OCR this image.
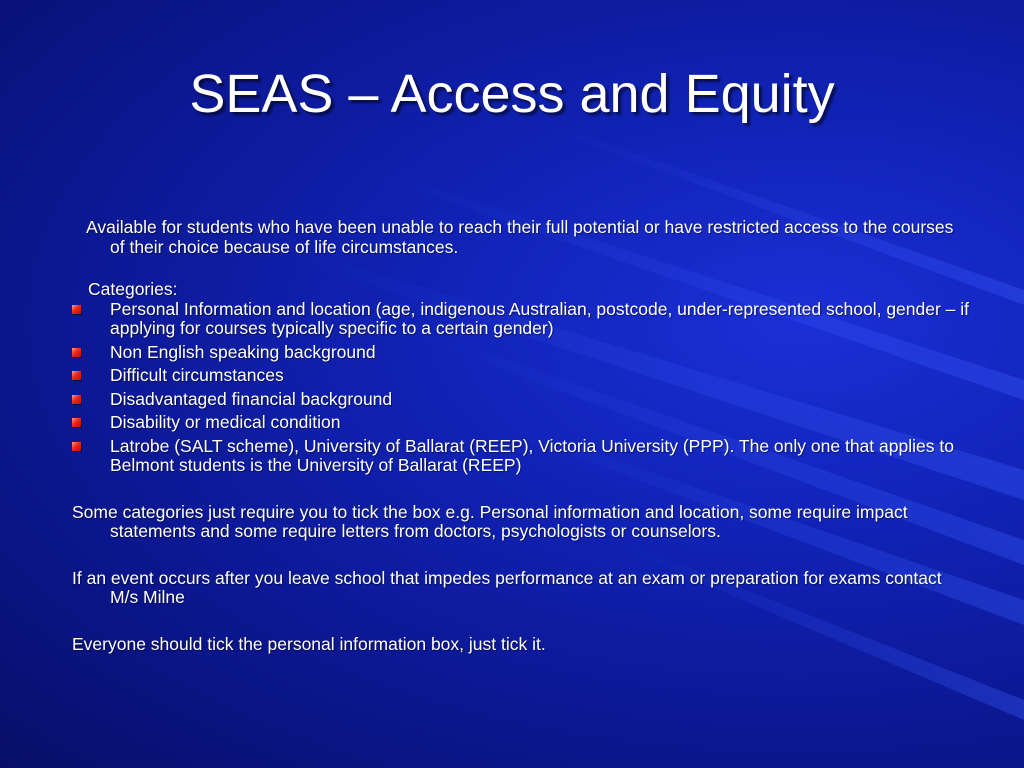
SEAS – Access and Equity

Available for students who have been unable to reach their full potential or have restricted access to the courses of their choice because of life circumstances.

Categories:
Personal Information and location (age, indigenous Australian, postcode, under-represented school, gender – if applying for courses typically specific to a certain gender)
Non English speaking background
Difficult circumstances
Disadvantaged financial background
Disability or medical condition
Latrobe (SALT scheme), University of Ballarat (REEP), Victoria University (PPP). The only one that applies to Belmont students is the University of Ballarat (REEP)

Some categories just require you to tick the box e.g. Personal information and location, some require impact statements and some require letters from doctors, psychologists or counselors.

If an event occurs after you leave school that impedes performance at an exam or preparation for exams contact M/s Milne

Everyone should tick the personal information box, just tick it.
